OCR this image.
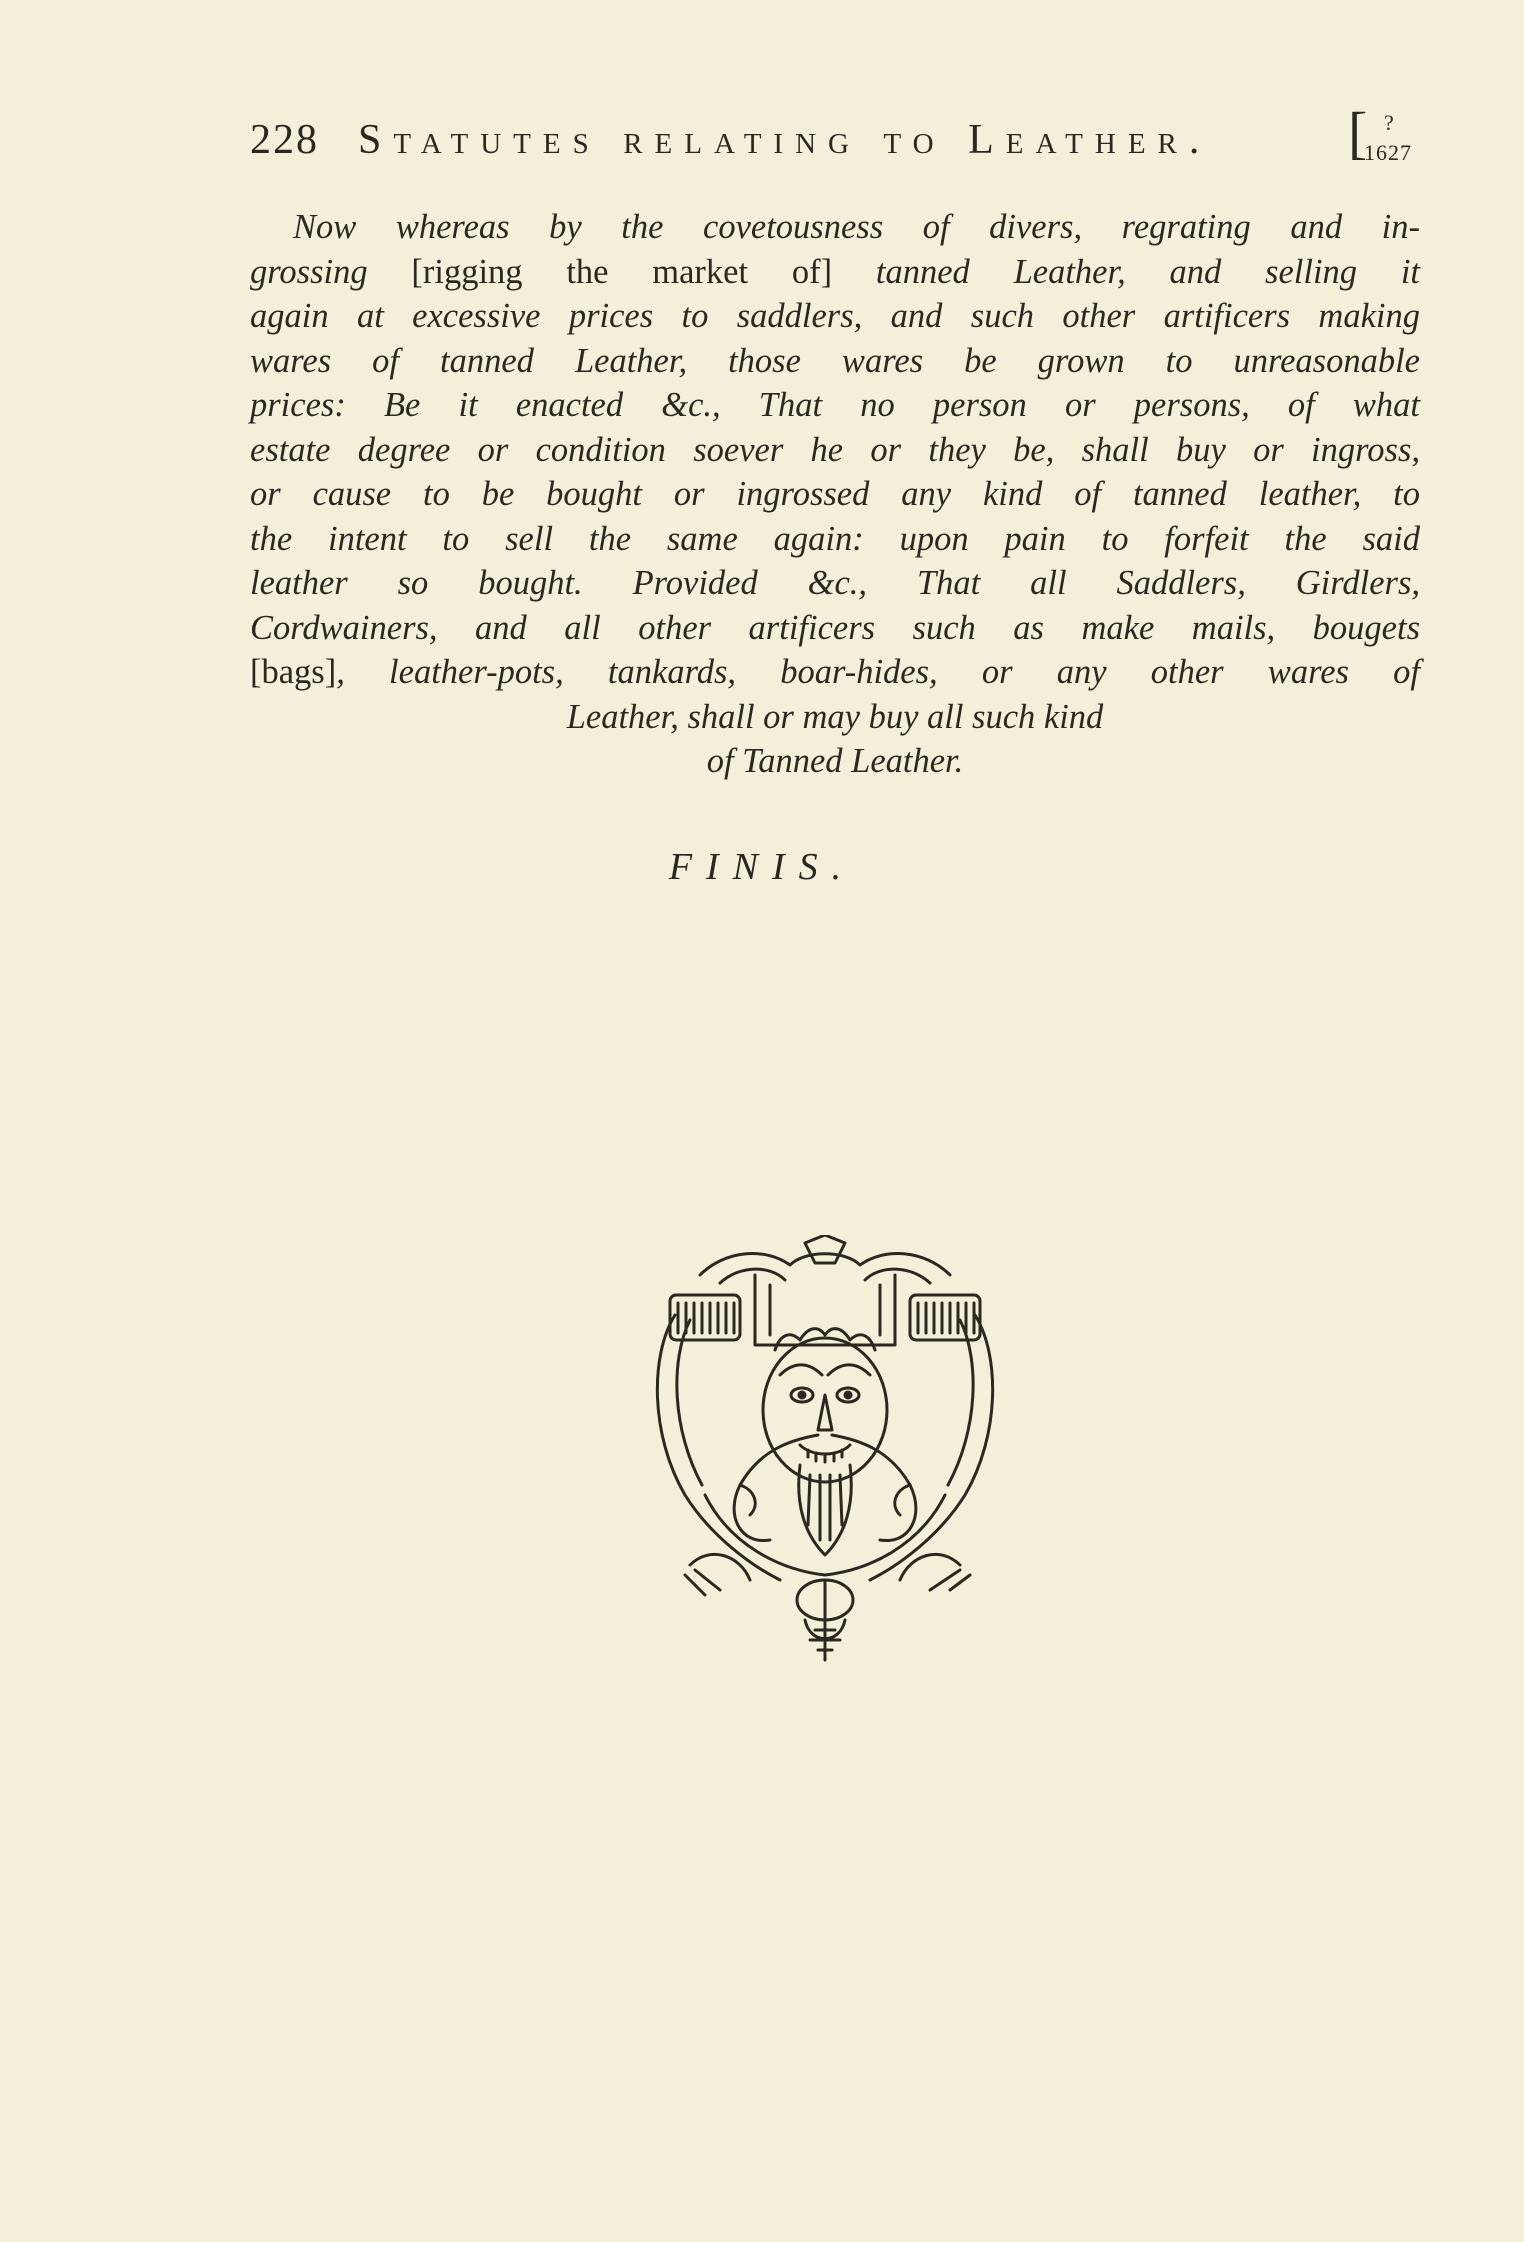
228 Statutes relating to Leather. [ ?
1627
Now whereas by the covetousness of divers, regrating and in-
grossing [rigging the market of] tanned Leather, and selling it
again at excessive prices to saddlers, and such other artificers making
wares of tanned Leather, those wares be grown to unreasonable
prices: Be it enacted &c., That no person or persons, of what
estate degree or condition soever he or they be, shall buy or ingross,
or cause to be bought or ingrossed any kind of tanned leather, to
the intent to sell the same again: upon pain to forfeit the said
leather so bought. Provided &c., That all Saddlers, Girdlers,
Cordwainers, and all other artificers such as make mails, bougets
[bags], leather-pots, tankards, boar-hides, or any other wares of
Leather, shall or may buy all such kind
of Tanned Leather.
FINIS.
